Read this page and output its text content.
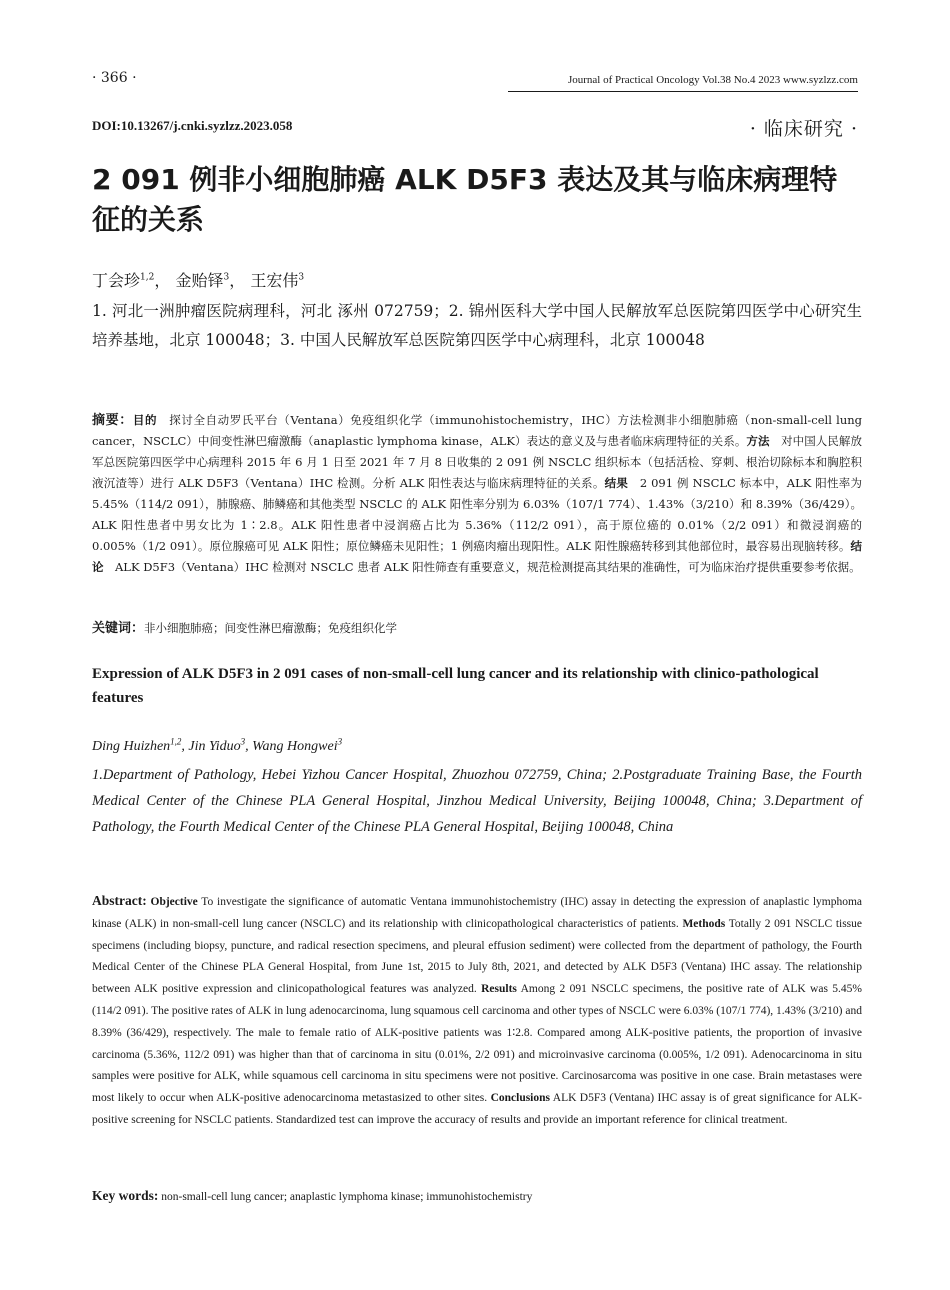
· 366 ·	Journal of Practical Oncology Vol.38 No.4 2023 www.syzlzz.com
DOI:10.13267/j.cnki.syzlzz.2023.058	· 临床研究 ·
2 091 例非小细胞肺癌 ALK D5F3 表达及其与临床病理特征的关系
丁会珍$^{1,2}$， 金贻铎$^3$， 王宏伟$^3$
1. 河北一洲肿瘤医院病理科，河北 涿州 072759；2. 锦州医科大学中国人民解放军总医院第四医学中心研究生培养基地，北京 100048；3. 中国人民解放军总医院第四医学中心病理科，北京 100048
摘要：目的　探讨全自动罗氏平台（Ventana）免疫组织化学（immunohistochemistry，IHC）方法检测非小细胞肺癌（non-small-cell lung cancer，NSCLC）中间变性淋巴瘤激酶（anaplastic lymphoma kinase，ALK）表达的意义及与患者临床病理特征的关系。方法　对中国人民解放军总医院第四医学中心病理科 2015 年 6 月 1 日至 2021 年 7 月 8 日收集的 2 091 例 NSCLC 组织标本（包括活检、穿刺、根治切除标本和胸腔积液沉渣等）进行 ALK D5F3（Ventana）IHC 检测。分析 ALK 阳性表达与临床病理特征的关系。结果　2 091 例 NSCLC 标本中，ALK 阳性率为 5.45%（114/2 091），肺腺癌、肺鳞癌和其他类型 NSCLC 的 ALK 阳性率分别为 6.03%（107/1 774）、1.43%（3/210）和 8.39%（36/429）。ALK 阳性患者中男女比为 1∶2.8。ALK 阳性患者中浸润癌占比为 5.36%（112/2 091），高于原位癌的 0.01%（2/2 091）和微浸润癌的 0.005%（1/2 091）。原位腺癌可见 ALK 阳性；原位鳞癌未见阳性；1 例癌肉瘤出现阳性。ALK 阳性腺癌转移到其他部位时，最容易出现脑转移。结论　ALK D5F3（Ventana）IHC 检测对 NSCLC 患者 ALK 阳性筛查有重要意义，规范检测提高其结果的准确性，可为临床治疗提供重要参考依据。
关键词：非小细胞肺癌；间变性淋巴瘤激酶；免疫组织化学
Expression of ALK D5F3 in 2 091 cases of non-small-cell lung cancer and its relationship with clinico-pathological features
Ding Huizhen$^{1,2}$, Jin Yiduo$^3$, Wang Hongwei$^3$
1.Department of Pathology, Hebei Yizhou Cancer Hospital, Zhuozhou 072759, China; 2.Postgraduate Training Base, the Fourth Medical Center of the Chinese PLA General Hospital, Jinzhou Medical University, Beijing 100048, China; 3.Department of Pathology, the Fourth Medical Center of the Chinese PLA General Hospital, Beijing 100048, China
Abstract: Objective To investigate the significance of automatic Ventana immunohistochemistry (IHC) assay in detecting the expression of anaplastic lymphoma kinase (ALK) in non-small-cell lung cancer (NSCLC) and its relationship with clinicopathological characteristics of patients. Methods Totally 2 091 NSCLC tissue specimens (including biopsy, puncture, and radical resection specimens, and pleural effusion sediment) were collected from the department of pathology, the Fourth Medical Center of the Chinese PLA General Hospital, from June 1st, 2015 to July 8th, 2021, and detected by ALK D5F3 (Ventana) IHC assay. The relationship between ALK positive expression and clinicopathological features was analyzed. Results Among 2 091 NSCLC specimens, the positive rate of ALK was 5.45% (114/2 091). The positive rates of ALK in lung adenocarcinoma, lung squamous cell carcinoma and other types of NSCLC were 6.03% (107/1 774), 1.43% (3/210) and 8.39% (36/429), respectively. The male to female ratio of ALK-positive patients was 1∶2.8. Compared among ALK-positive patients, the proportion of invasive carcinoma (5.36%, 112/2 091) was higher than that of carcinoma in situ (0.01%, 2/2 091) and microinvasive carcinoma (0.005%, 1/2 091). Adenocarcinoma in situ samples were positive for ALK, while squamous cell carcinoma in situ specimens were not positive. Carcinosarcoma was positive in one case. Brain metastases were most likely to occur when ALK-positive adenocarcinoma metastasized to other sites. Conclusions ALK D5F3 (Ventana) IHC assay is of great significance for ALK-positive screening for NSCLC patients. Standardized test can improve the accuracy of results and provide an important reference for clinical treatment.
Key words: non-small-cell lung cancer; anaplastic lymphoma kinase; immunohistochemistry
